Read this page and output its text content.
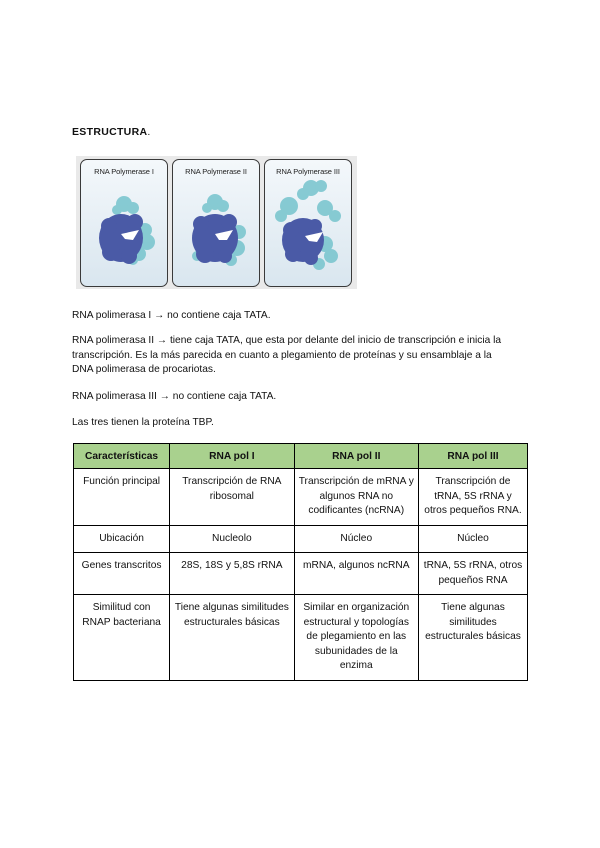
ESTRUCTURA.
RNA Polymerase I	RNA Polymerase II	RNA Polymerase III
RNA polimerasa I → no contiene caja TATA.
RNA polimerasa II → tiene caja TATA, que esta por delante del inicio de transcripción e inicia la transcripción. Es la más parecida en cuanto a plegamiento de proteínas y su ensamblaje a la DNA polimerasa de procariotas.
RNA polimerasa III → no contiene caja TATA.
Las tres tienen la proteína TBP.
Características	RNA pol I	RNA pol II	RNA pol III
Función principal	Transcripción de RNA ribosomal	Transcripción de mRNA y algunos RNA no codificantes (ncRNA)	Transcripción de tRNA, 5S rRNA y otros pequeños RNA.
Ubicación	Nucleolo	Núcleo	Núcleo
Genes transcritos	28S, 18S y 5,8S rRNA	mRNA, algunos ncRNA	tRNA, 5S rRNA, otros pequeños RNA
Similitud con RNAP bacteriana	Tiene algunas similitudes estructurales básicas	Similar en organización estructural y topologías de plegamiento en las subunidades de la enzima	Tiene algunas similitudes estructurales básicas
